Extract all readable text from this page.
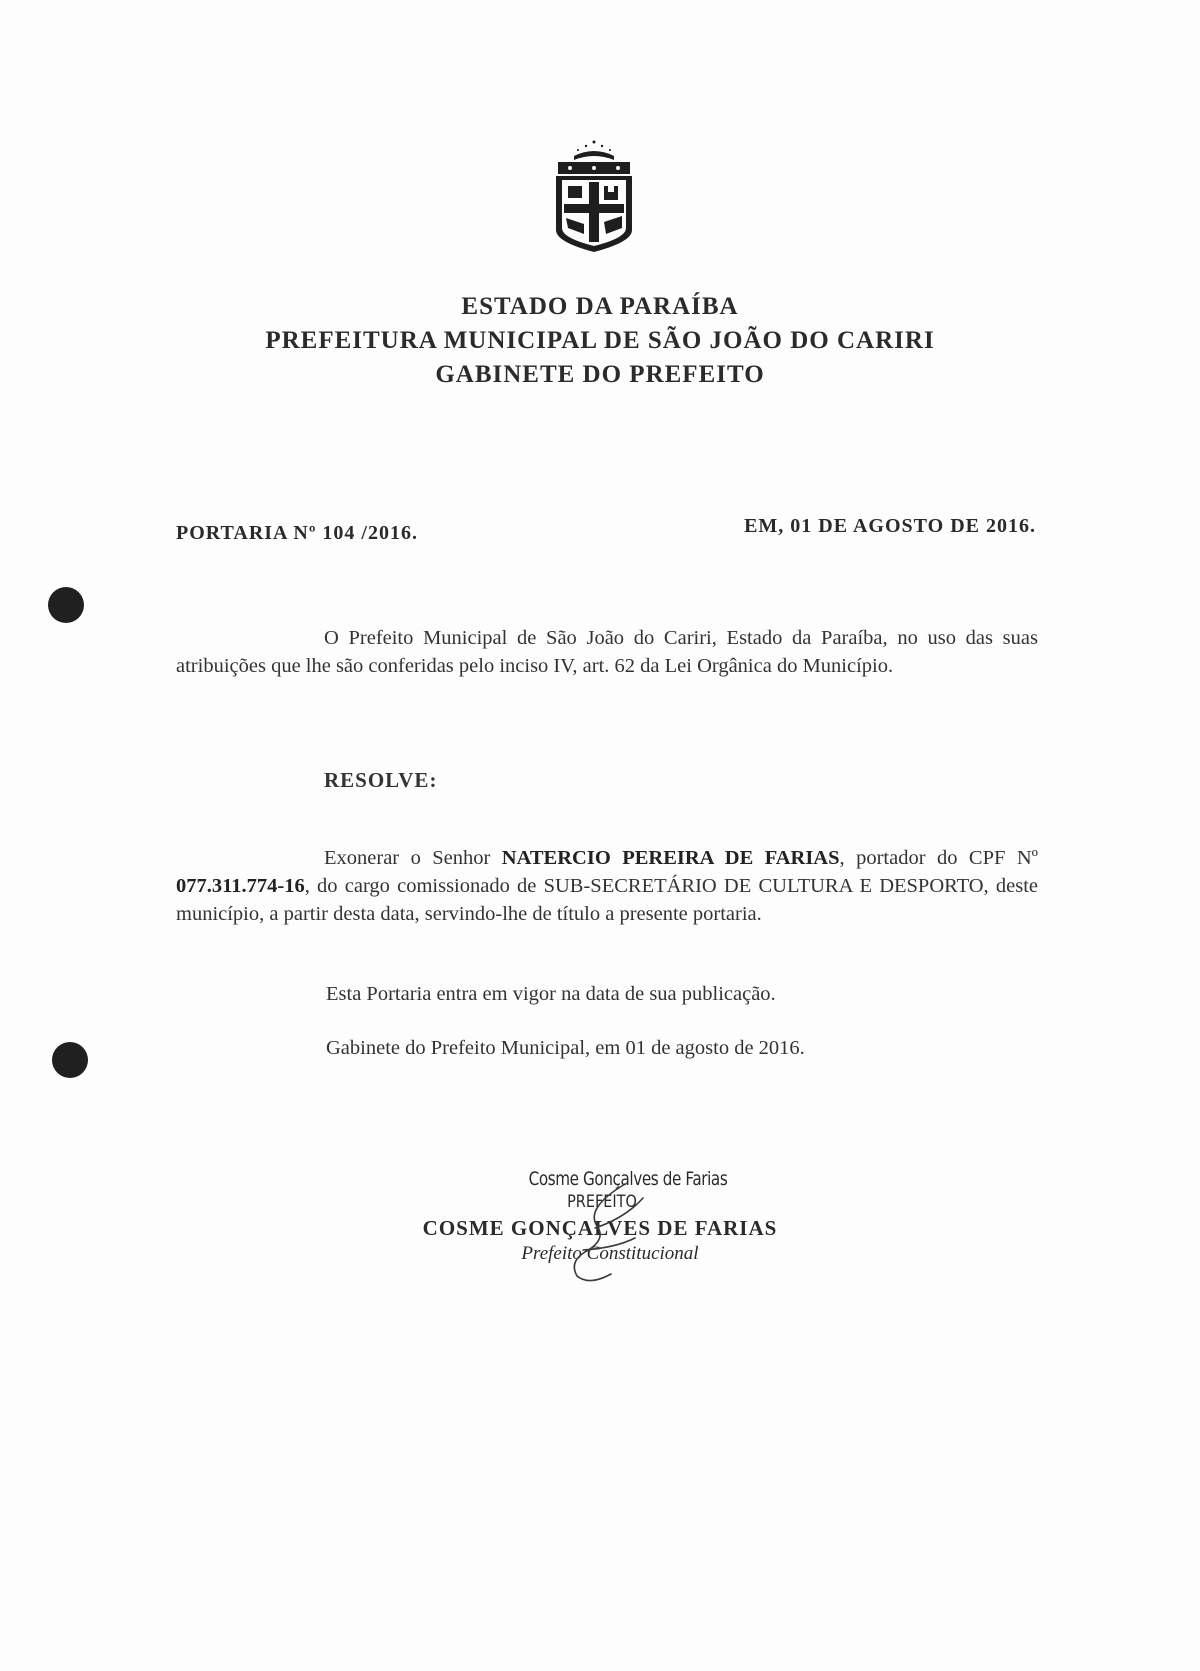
ESTADO DA PARAÍBA
PREFEITURA MUNICIPAL DE SÃO JOÃO DO CARIRI
GABINETE DO PREFEITO
PORTARIA Nº 104 /2016.	EM, 01 DE AGOSTO DE 2016.
O Prefeito Municipal de São João do Cariri, Estado da Paraíba, no uso das suas atribuições que lhe são conferidas pelo inciso IV, art. 62 da Lei Orgânica do Município.
RESOLVE:
Exonerar o Senhor NATERCIO PEREIRA DE FARIAS, portador do CPF Nº 077.311.774-16, do cargo comissionado de SUB-SECRETÁRIO DE CULTURA E DESPORTO, deste município, a partir desta data, servindo-lhe de título a presente portaria.
Esta Portaria entra em vigor na data de sua publicação.
Gabinete do Prefeito Municipal, em 01 de agosto de 2016.
Cosme Gonçalves de Farias
PREFEITO
COSME GONÇALVES DE FARIAS
Prefeito Constitucional
